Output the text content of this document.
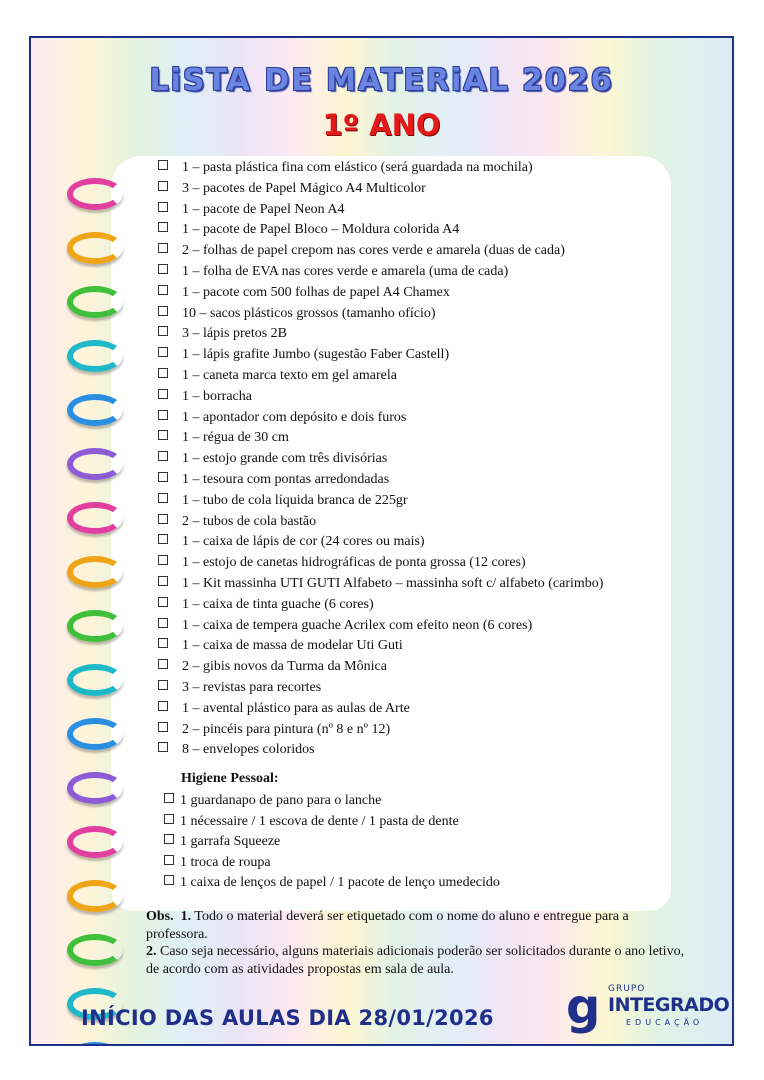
LiSTA DE MATERiAL 2026
1º ANO
1 – pasta plástica fina com elástico (será guardada na mochila)
3 – pacotes de Papel Mágico A4 Multicolor
1 – pacote de Papel Neon A4
1 – pacote de Papel Bloco – Moldura colorida A4
2 – folhas de papel crepom nas cores verde e amarela (duas de cada)
1 – folha de EVA nas cores verde e amarela (uma de cada)
1 – pacote com 500 folhas de papel A4 Chamex
10 – sacos plásticos grossos (tamanho ofício)
3 – lápis pretos 2B
1 – lápis grafite Jumbo (sugestão Faber Castell)
1 – caneta marca texto em gel amarela
1 – borracha
1 – apontador com depósito e dois furos
1 – régua de 30 cm
1 – estojo grande com três divisórias
1 – tesoura com pontas arredondadas
1 – tubo de cola líquida branca de 225gr
2 – tubos de cola bastão
1 – caixa de lápis de cor (24 cores ou mais)
1 – estojo de canetas hidrográficas de ponta grossa (12 cores)
1 – Kit massinha UTI GUTI Alfabeto – massinha soft c/ alfabeto (carimbo)
1 – caixa de tinta guache (6 cores)
1 – caixa de tempera guache Acrilex com efeito neon (6 cores)
1 – caixa de massa de modelar Uti Guti
2 – gibis novos da Turma da Mônica
3 – revistas para recortes
1 – avental plástico para as aulas de Arte
2 – pincéis para pintura (nº 8 e nº 12)
8 – envelopes coloridos
Higiene Pessoal:
1 guardanapo de pano para o lanche
1 nécessaire / 1 escova de dente / 1 pasta de dente
1 garrafa Squeeze
1 troca de roupa
1 caixa de lenços de papel / 1 pacote de lenço umedecido
Obs. 1. Todo o material deverá ser etiquetado com o nome do aluno e entregue para a professora.
2. Caso seja necessário, alguns materiais adicionais poderão ser solicitados durante o ano letivo, de acordo com as atividades propostas em sala de aula.
INÍCIO DAS AULAS DIA 28/01/2026 g GRUPO
INTEGRADO
EDUCAÇÃO
